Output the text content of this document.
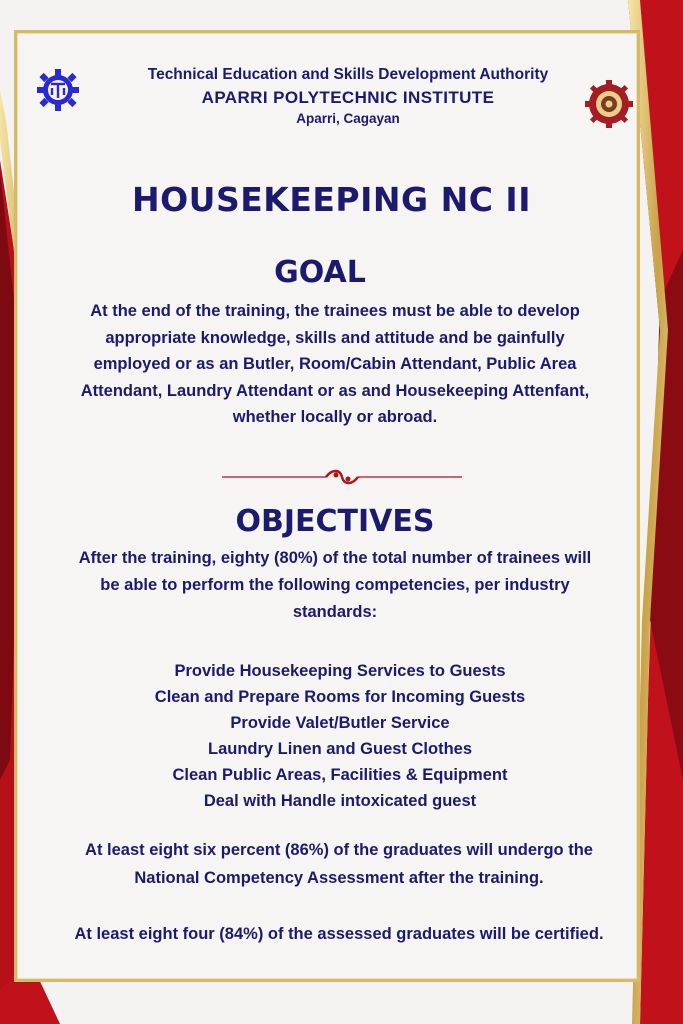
Technical Education and Skills Development Authority
APARRI POLYTECHNIC INSTITUTE
Aparri, Cagayan
HOUSEKEEPING NC II
GOAL
At the end of the training, the trainees must be able to develop appropriate knowledge, skills and attitude and be gainfully employed or as an Butler, Room/Cabin Attendant, Public Area Attendant, Laundry Attendant or as and Housekeeping Attenfant, whether locally or abroad.
OBJECTIVES
After the training, eighty (80%) of the total number of trainees will be able to perform the following competencies, per industry standards:
Provide Housekeeping Services to Guests
Clean and Prepare Rooms for Incoming Guests
Provide Valet/Butler Service
Laundry Linen and Guest Clothes
Clean Public Areas, Facilities & Equipment
Deal with Handle intoxicated guest
At least eight six percent (86%) of the graduates will undergo the National Competency Assessment after the training.
At least eight four (84%) of the assessed graduates will be certified.
